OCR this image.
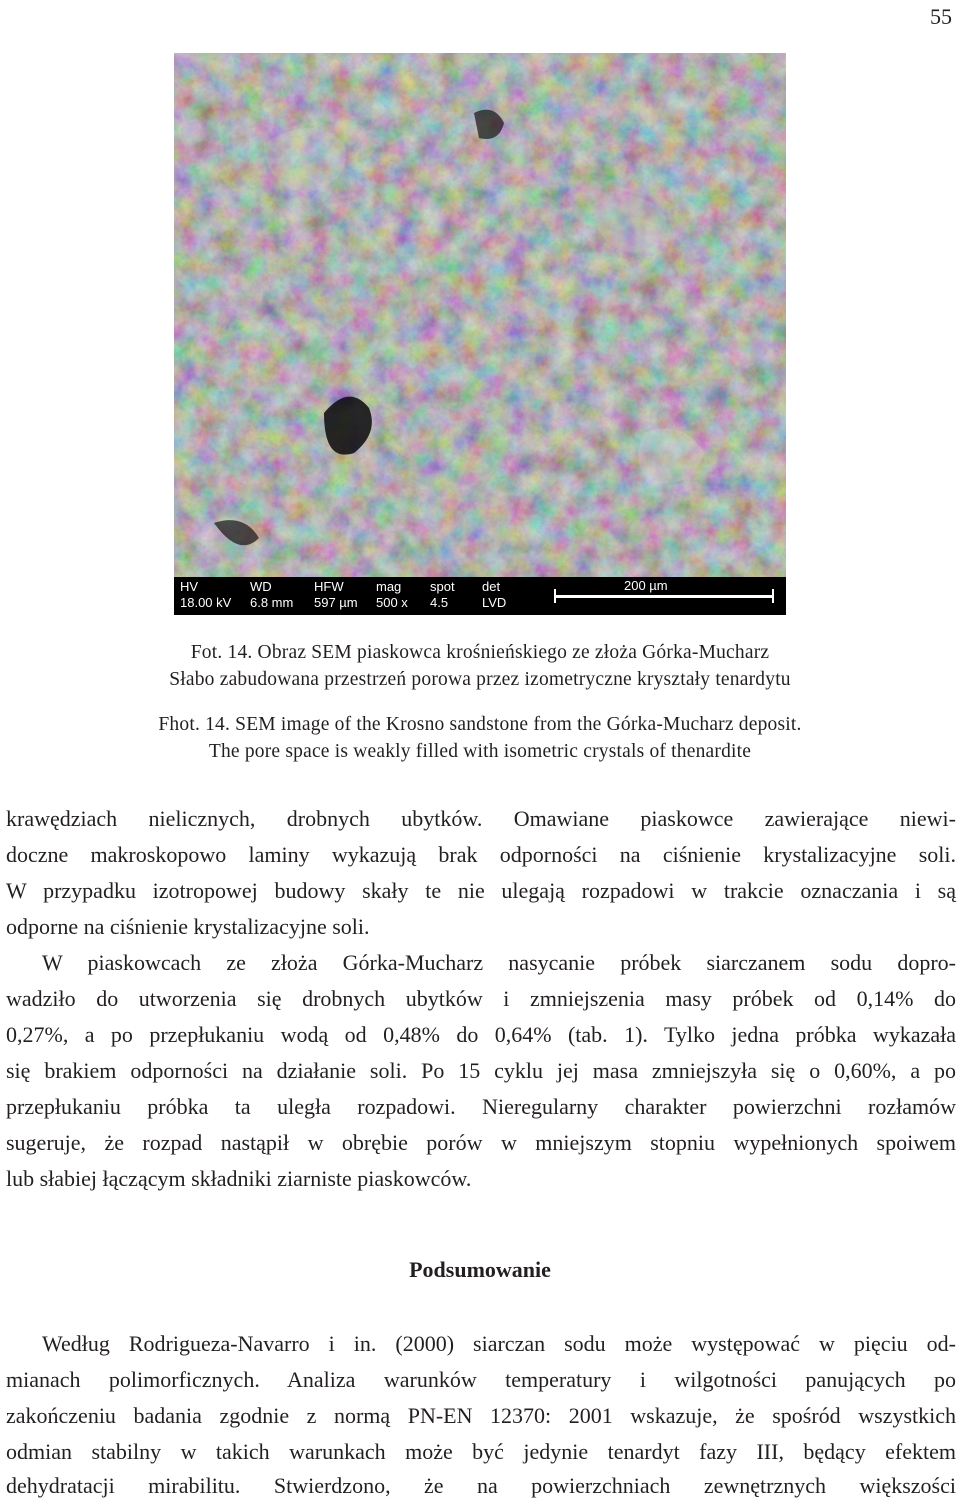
55
HV
18.00 kV
WD
6.8 mm
HFW
597 µm
mag
500 x
spot
4.5
det
LVD
200 µm
Fot. 14. Obraz SEM piaskowca krośnieńskiego ze złoża Górka-Mucharz
Słabo zabudowana przestrzeń porowa przez izometryczne kryształy tenardytu
Fhot. 14. SEM image of the Krosno sandstone from the Górka-Mucharz deposit.
The pore space is weakly filled with isometric crystals of thenardite
krawędziach nielicznych, drobnych ubytków. Omawiane piaskowce zawierające niewi-
doczne makroskopowo laminy wykazują brak odporności na ciśnienie krystalizacyjne soli.
W przypadku izotropowej budowy skały te nie ulegają rozpadowi w trakcie oznaczania i są
odporne na ciśnienie krystalizacyjne soli.
W piaskowcach ze złoża Górka-Mucharz nasycanie próbek siarczanem sodu dopro-
wadziło do utworzenia się drobnych ubytków i zmniejszenia masy próbek od 0,14% do
0,27%, a po przepłukaniu wodą od 0,48% do 0,64% (tab. 1). Tylko jedna próbka wykazała
się brakiem odporności na działanie soli. Po 15 cyklu jej masa zmniejszyła się o 0,60%, a po
przepłukaniu próbka ta uległa rozpadowi. Nieregularny charakter powierzchni rozłamów
sugeruje, że rozpad nastąpił w obrębie porów w mniejszym stopniu wypełnionych spoiwem
lub słabiej łączącym składniki ziarniste piaskowców.
Podsumowanie
Według Rodrigueza-Navarro i in. (2000) siarczan sodu może występować w pięciu od-
mianach polimorficznych. Analiza warunków temperatury i wilgotności panujących po
zakończeniu badania zgodnie z normą PN-EN 12370: 2001 wskazuje, że spośród wszystkich
odmian stabilny w takich warunkach może być jedynie tenardyt fazy III, będący efektem
dehydratacji mirabilitu. Stwierdzono, że na powierzchniach zewnętrznych większości
